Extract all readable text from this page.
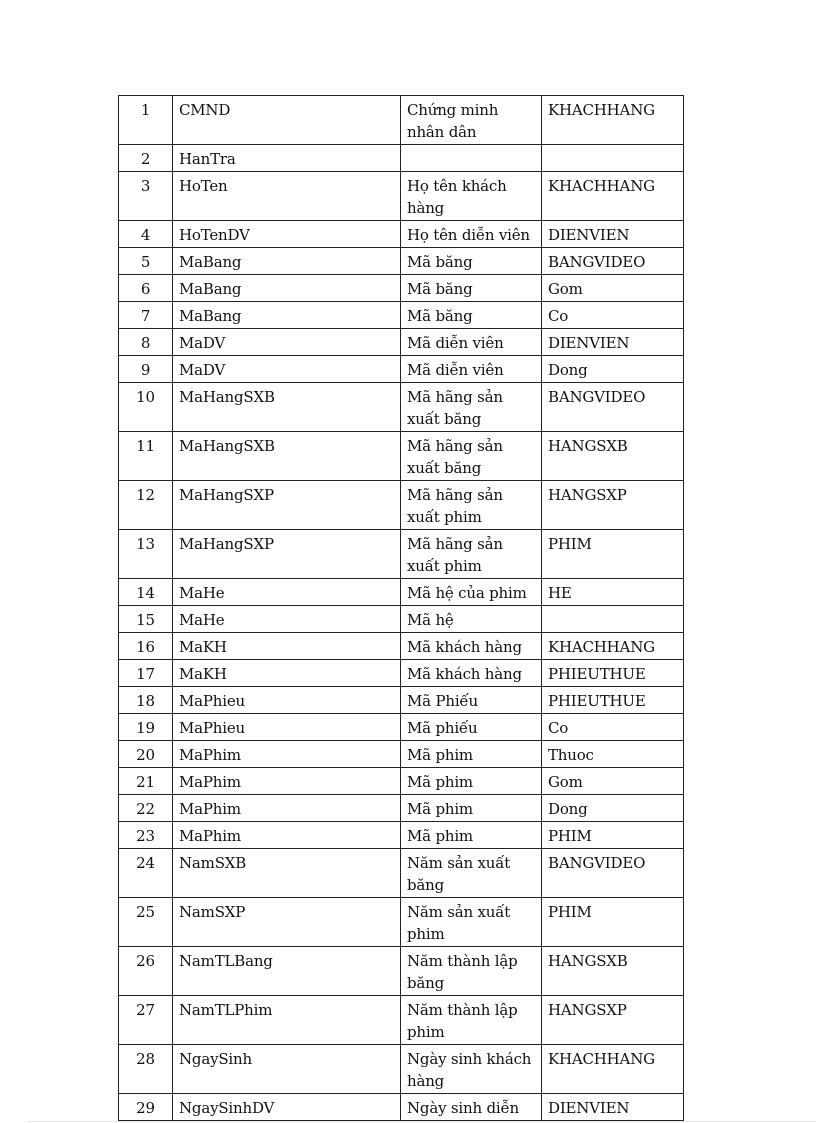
1	CMND	Chứng minh nhân dân	KHACHHANG

2	HanTra		

3	HoTen	Họ tên khách hàng	KHACHHANG

4	HoTenDV	Họ tên diễn viên	DIENVIEN

5	MaBang	Mã băng	BANGVIDEO

6	MaBang	Mã băng	Gom

7	MaBang	Mã băng	Co

8	MaDV	Mã diễn viên	DIENVIEN

9	MaDV	Mã diễn viên	Dong

10	MaHangSXB	Mã hãng sản xuất băng	BANGVIDEO

11	MaHangSXB	Mã hãng sản xuất băng	HANGSXB

12	MaHangSXP	Mã hãng sản xuất phim	HANGSXP

13	MaHangSXP	Mã hãng sản xuất phim	PHIM

14	MaHe	Mã hệ của phim	HE

15	MaHe	Mã hệ	

16	MaKH	Mã khách hàng	KHACHHANG

17	MaKH	Mã khách hàng	PHIEUTHUE

18	MaPhieu	Mã Phiếu	PHIEUTHUE

19	MaPhieu	Mã phiếu	Co

20	MaPhim	Mã phim	Thuoc

21	MaPhim	Mã phim	Gom

22	MaPhim	Mã phim	Dong

23	MaPhim	Mã phim	PHIM

24	NamSXB	Năm sản xuất băng	BANGVIDEO

25	NamSXP	Năm sản xuất phim	PHIM

26	NamTLBang	Năm thành lập băng	HANGSXB

27	NamTLPhim	Năm thành lập phim	HANGSXP

28	NgaySinh	Ngày sinh khách hàng	KHACHHANG

29	NgaySinhDV	Ngày sinh diễn	DIENVIEN
